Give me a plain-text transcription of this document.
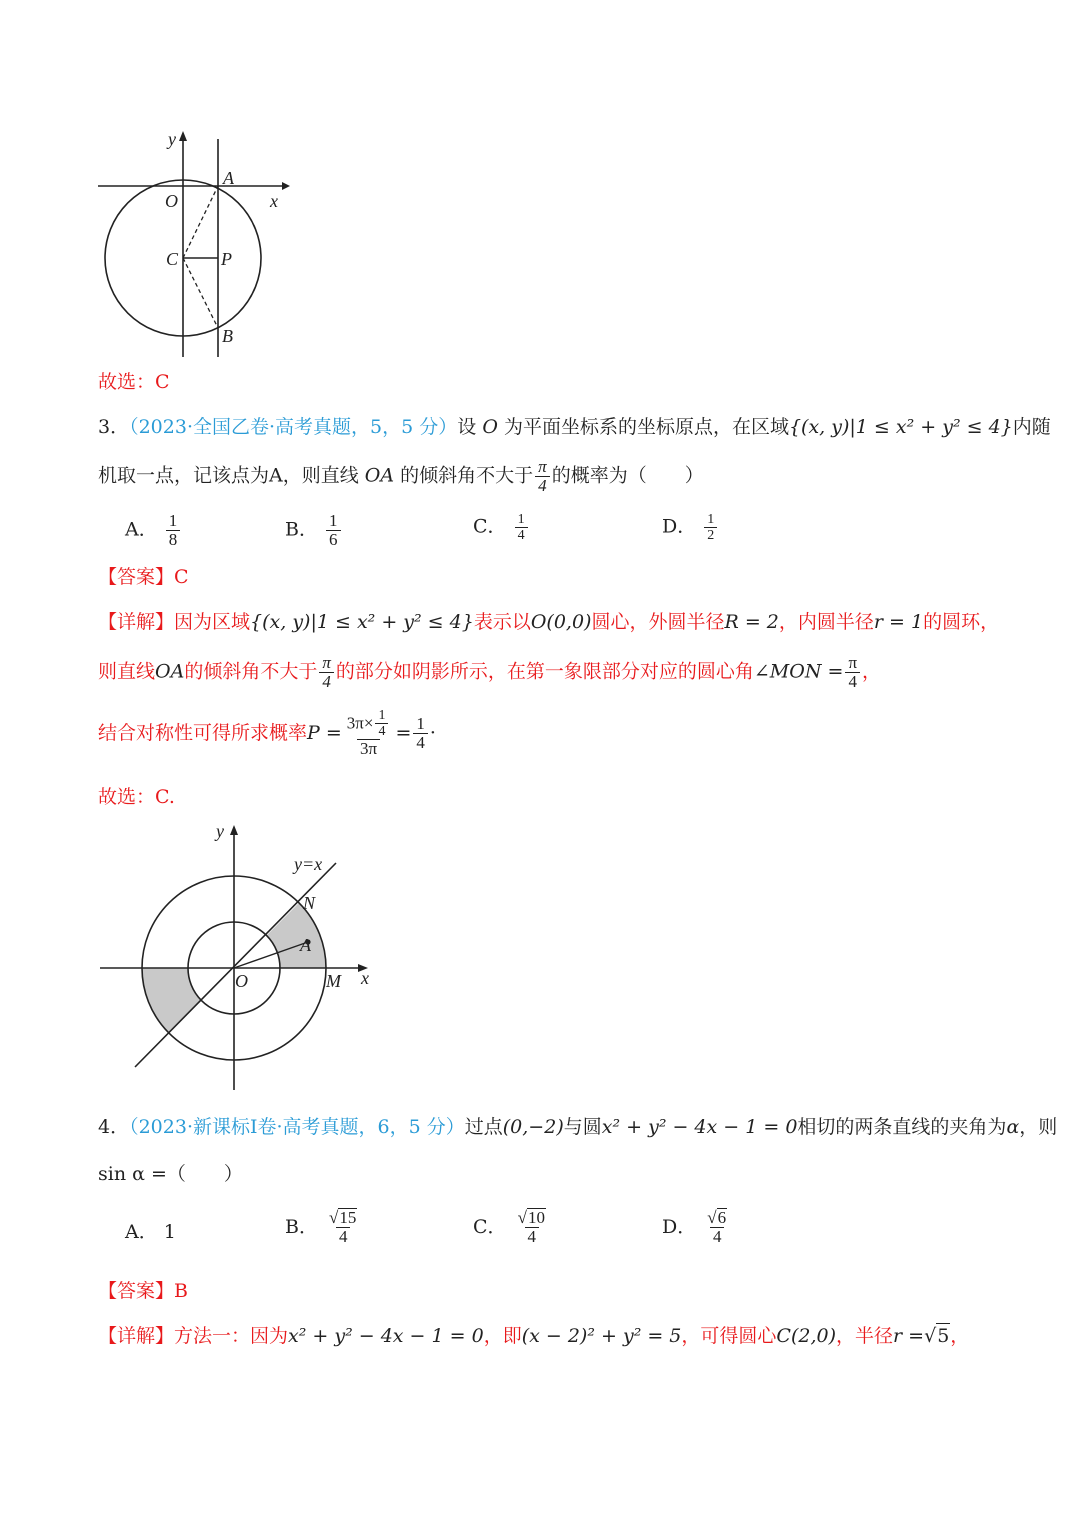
y
x
O
A
C P
B
故选：C
3．（2023·全国乙卷·高考真题，5，5 分）设 O 为平面坐标系的坐标原点，在区域{(x, y)|1 ≤ x² + y² ≤ 4}内随
机取一点，记该点为A，则直线 OA 的倾斜角不大于 $\frac{\pi}{4}$ 的概率为（　　）
A． $\frac{1}{8}$	B． $\frac{1}{6}$	C． $\frac{1}{4}$	D． $\frac{1}{2}$
【答案】C
【详解】因为区域{(x, y)|1 ≤ x² + y² ≤ 4}表示以O(0,0)圆心，外圆半径R = 2，内圆半径r = 1的圆环，
则直线OA的倾斜角不大于 $\frac{\pi}{4}$ 的部分如阴影所示，在第一象限部分对应的圆心角∠MON = $\frac{\pi}{4}$ ，
结合对称性可得所求概率$P = \frac{3\pi\times \frac{1}{4}}{3\pi} = \frac{1}{4}$ ·
故选：C.
y
y=x
N
A
O	M x
4．（2023·新课标Ⅰ卷·高考真题，6，5 分）过点(0,−2)与圆x² + y² − 4x − 1 = 0相切的两条直线的夹角为α，则
sin α =（　　）
A． 1	B． $\frac{√15}{4}$	C． $\frac{√10}{4}$	D． $\frac{√6}{4}$
【答案】B
【详解】方法一：因为x² + y² − 4x − 1 = 0，即(x − 2)² + y² = 5，可得圆心C(2,0)，半径r =√5，
